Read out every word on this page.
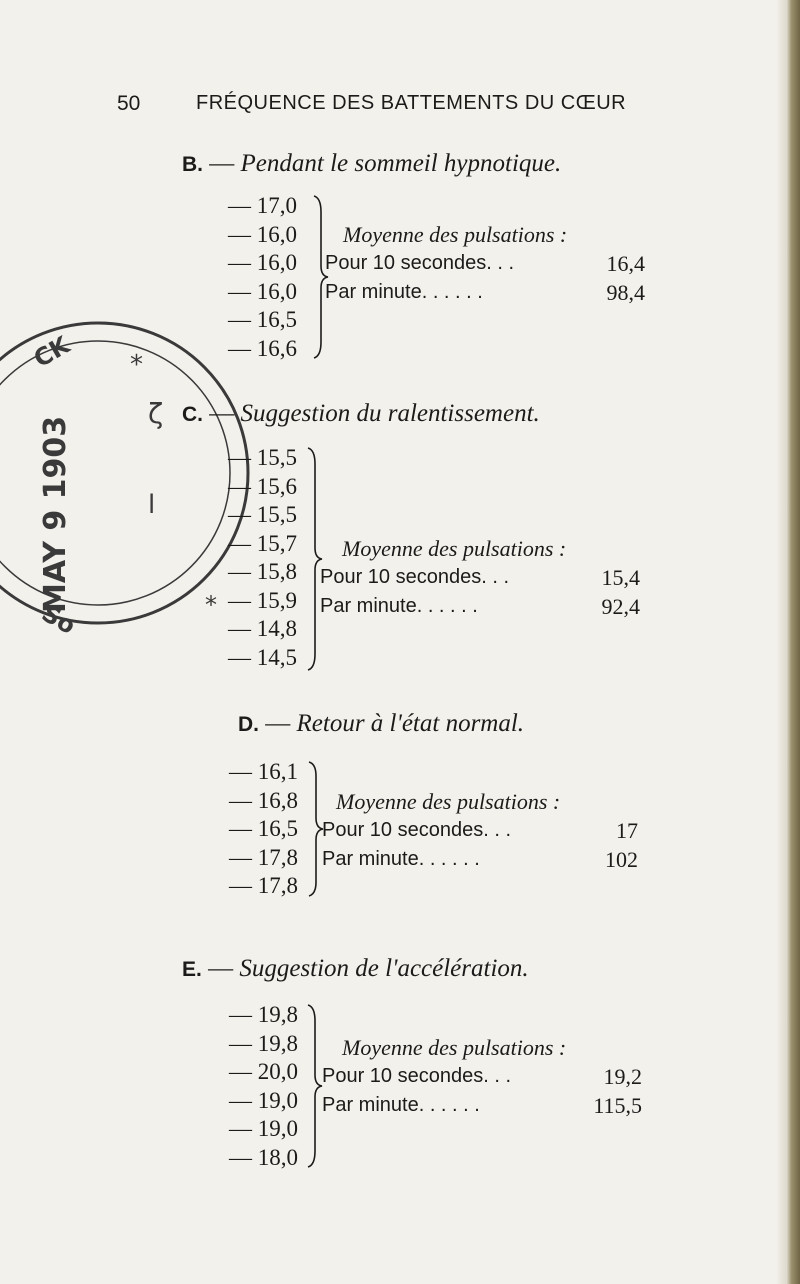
50	FRÉQUENCE DES BATTEMENTS DU CŒUR
*
*
CK
So
MAY 9 1903
ζ
l
B. — Pendant le sommeil hypnotique.
— 17,0
— 16,0
— 16,0
— 16,0
— 16,5
— 16,6
Moyenne des pulsations :
Pour 10 secondes. . .	16,4
Par minute. . . . . .	98,4
C. — Suggestion du ralentissement.
— 15,5
— 15,6
— 15,5
— 15,7
— 15,8
— 15,9
— 14,8
— 14,5
Moyenne des pulsations :
Pour 10 secondes. . .	15,4
Par minute. . . . . .	92,4
D. — Retour à l'état normal.
— 16,1
— 16,8
— 16,5
— 17,8
— 17,8
Moyenne des pulsations :
Pour 10 secondes. . .	17
Par minute. . . . . .	102
E. — Suggestion de l'accélération.
— 19,8
— 19,8
— 20,0
— 19,0
— 19,0
— 18,0
Moyenne des pulsations :
Pour 10 secondes. . .	19,2
Par minute. . . . . .	115,5
